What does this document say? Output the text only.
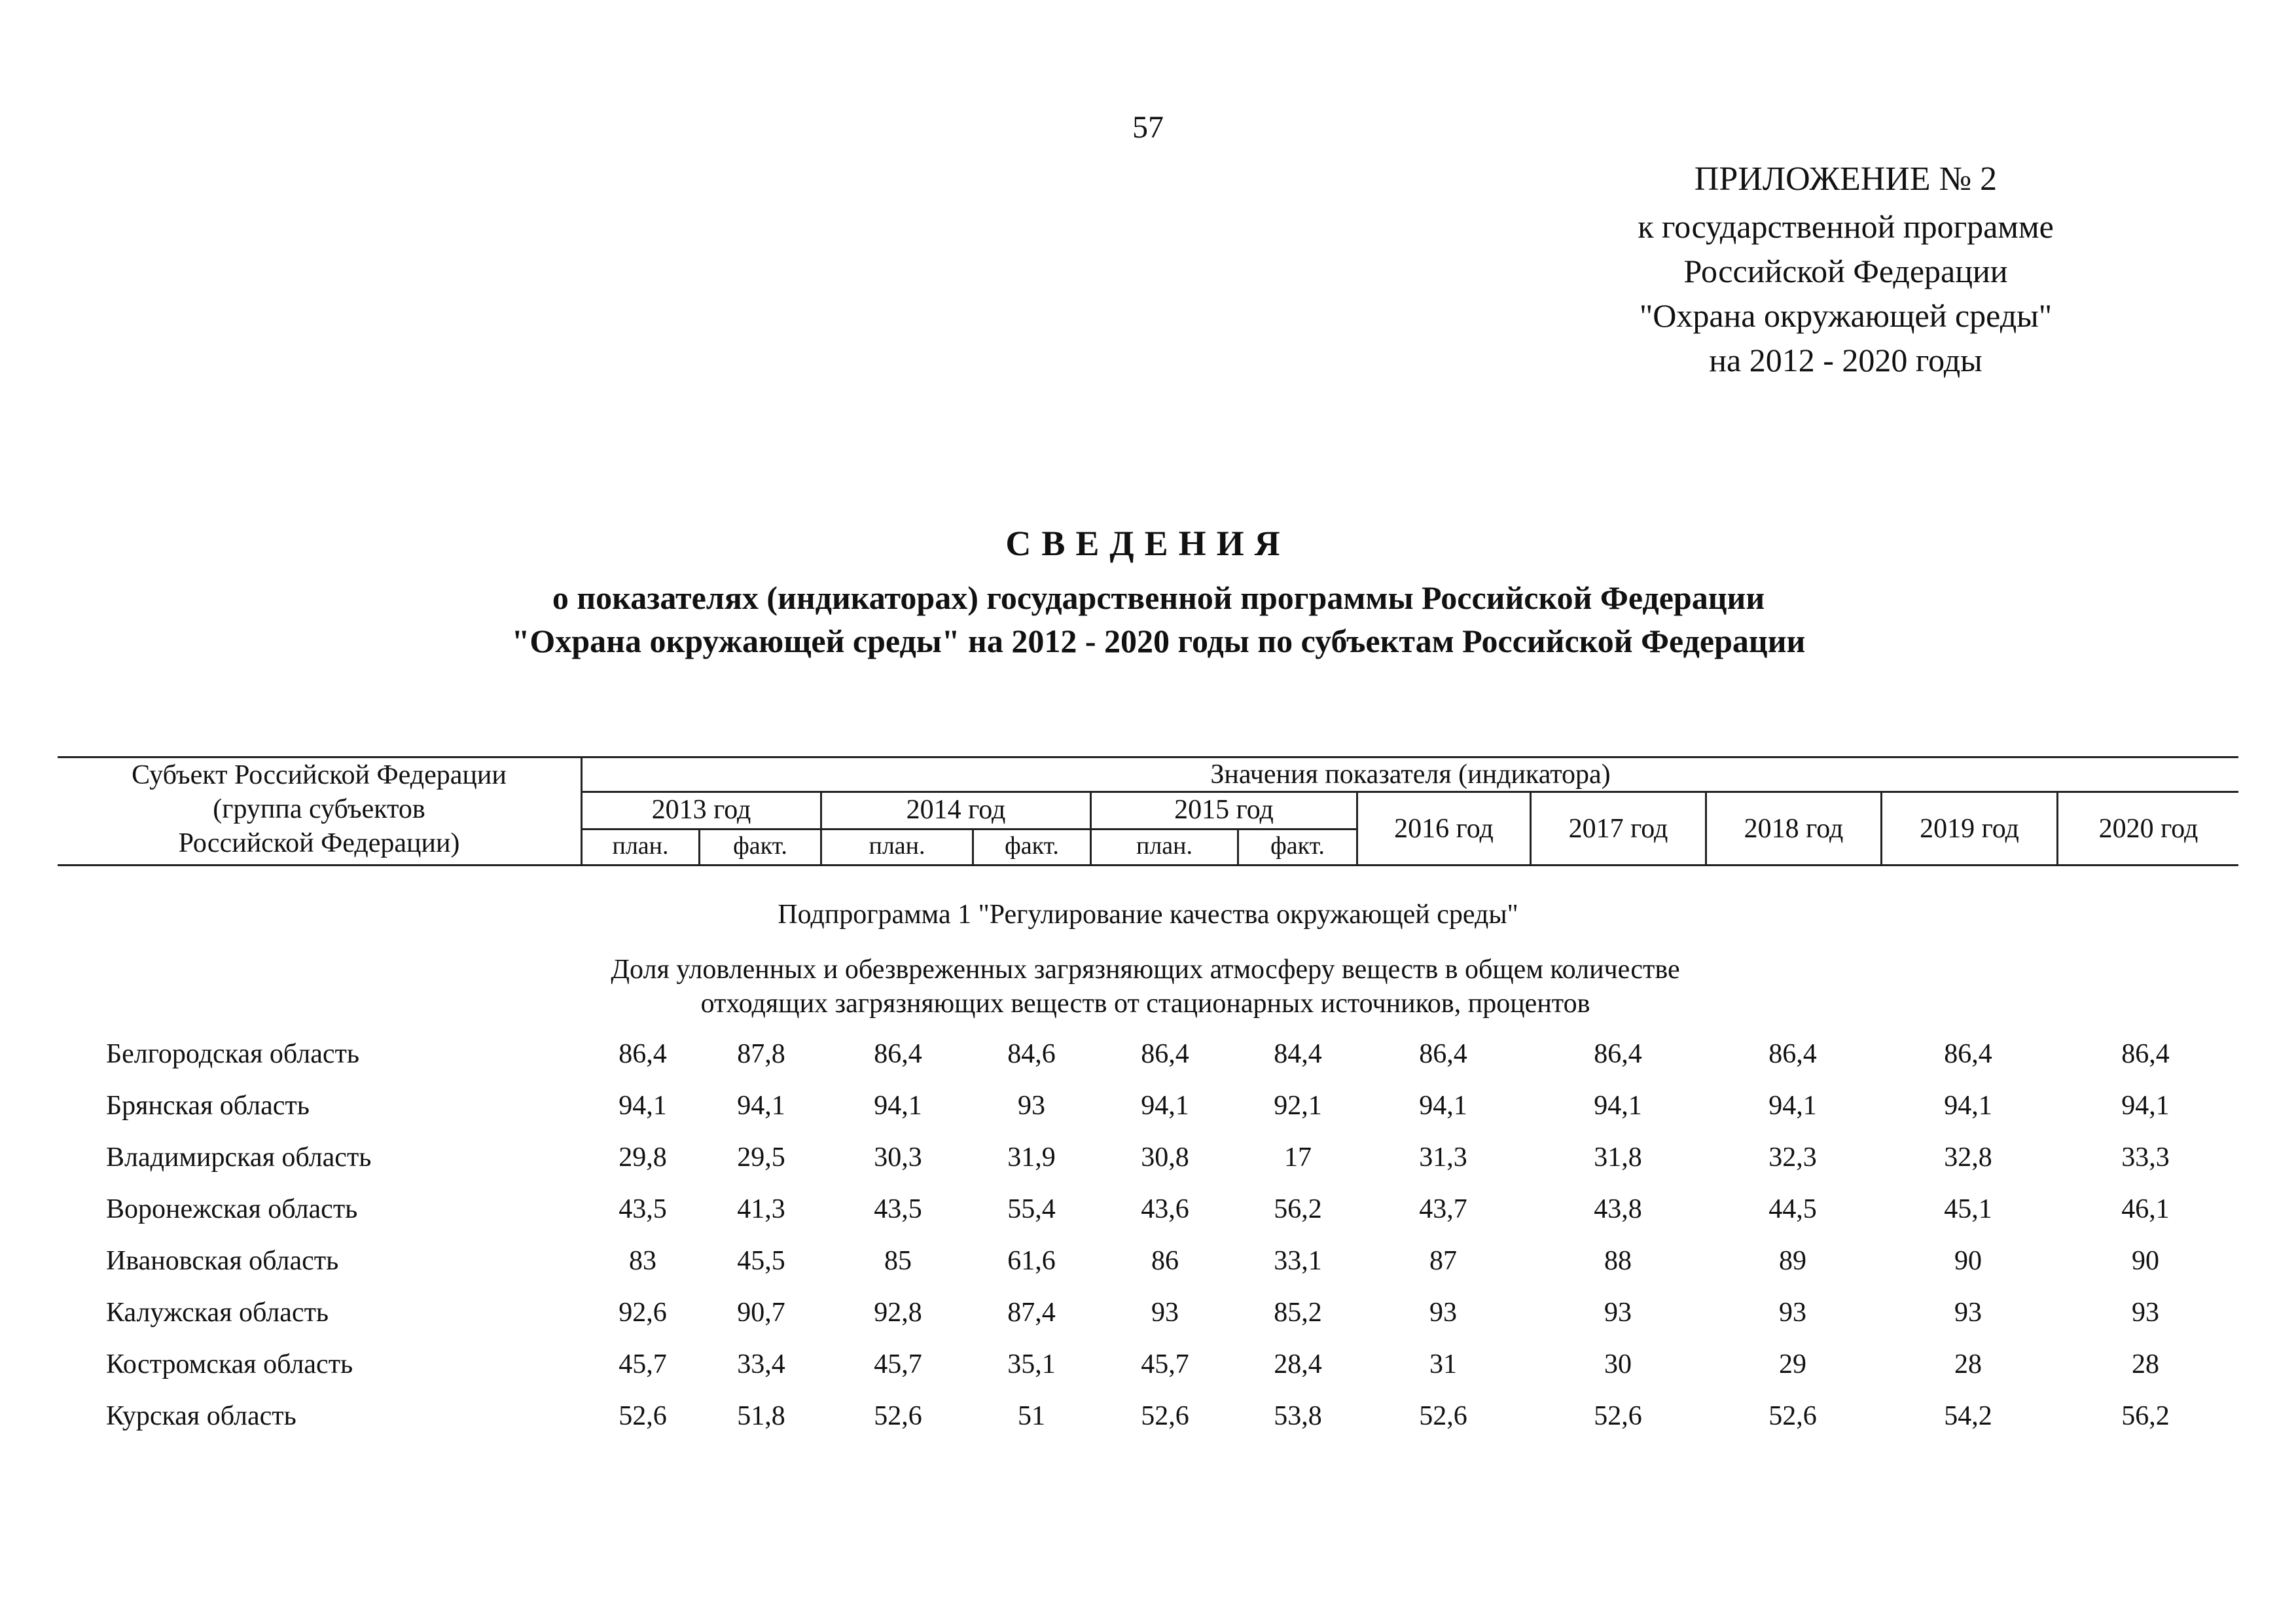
57
ПРИЛОЖЕНИЕ № 2
к государственной программе
Российской Федерации
"Охрана окружающей среды"
на 2012 - 2020 годы
СВЕДЕНИЯ
о показателях (индикаторах) государственной программы Российской Федерации
"Охрана окружающей среды" на 2012 - 2020 годы по субъектам Российской Федерации
Субъект Российской Федерации
(группа субъектов
Российской Федерации)
Значения показателя (индикатора)
2013 год	2014 год	2015 год
2016 год	2017 год	2018 год	2019 год	2020 год
план.	факт.	план.	факт.	план.	факт.
Подпрограмма 1 "Регулирование качества окружающей среды"
Доля уловленных и обезвреженных загрязняющих атмосферу веществ в общем количестве
отходящих загрязняющих веществ от стационарных источников, процентов
Белгородская область	86,4	87,8	86,4	84,6	86,4	84,4	86,4	86,4	86,4	86,4	86,4
Брянская область	94,1	94,1	94,1	93	94,1	92,1	94,1	94,1	94,1	94,1	94,1
Владимирская область	29,8	29,5	30,3	31,9	30,8	17	31,3	31,8	32,3	32,8	33,3
Воронежская область	43,5	41,3	43,5	55,4	43,6	56,2	43,7	43,8	44,5	45,1	46,1
Ивановская область	83	45,5	85	61,6	86	33,1	87	88	89	90	90
Калужская область	92,6	90,7	92,8	87,4	93	85,2	93	93	93	93	93
Костромская область	45,7	33,4	45,7	35,1	45,7	28,4	31	30	29	28	28
Курская область	52,6	51,8	52,6	51	52,6	53,8	52,6	52,6	52,6	54,2	56,2
